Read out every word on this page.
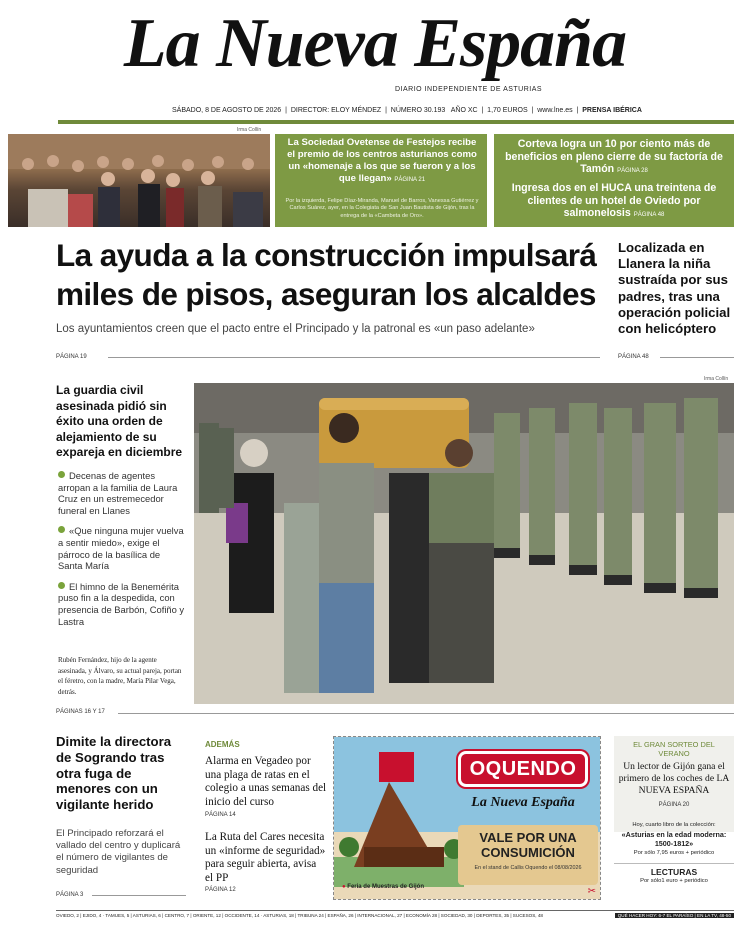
La Nueva España
DIARIO INDEPENDIENTE DE ASTURIAS
SÁBADO, 8 DE AGOSTO DE 2026  |  DIRECTOR: ELOY MÉNDEZ  |  NÚMERO 30.193 AÑO XC  |  1,70 EUROS  |  www.lne.es  |  PRENSA IBÉRICA
Irma Collín
La Sociedad Ovetense de Festejos recibe el premio de los centros asturianos como un «homenaje a los que se fueron y a los que llegan» PÁGINA 21
Por la izquierda, Felipe Díaz-Miranda, Manuel de Barros, Vanessa Gutiérrez y Carlos Suárez, ayer, en la Colegiata de San Juan Bautista de Gijón, tras la entrega de la «Cambeta de Oro».
Corteva logra un 10 por ciento más de beneficios en pleno cierre de su factoría de Tamón PÁGINA 28
Ingresa dos en el HUCA una treintena de clientes de un hotel de Oviedo por salmonelosis PÁGINA 48
La ayuda a la construcción impulsará miles de pisos, aseguran los alcaldes
Los ayuntamientos creen que el pacto entre el Principado y la patronal es «un paso adelante»
PÁGINA 19
Localizada en Llanera la niña sustraída por sus padres, tras una operación policial con helicóptero
PÁGINA 48
La guardia civil asesinada pidió sin éxito una orden de alejamiento de su expareja en diciembre
Decenas de agentes arropan a la familia de Laura Cruz en un estremecedor funeral en Llanes
«Que ninguna mujer vuelva a sentir miedo», exige el párroco de la basílica de Santa María
El himno de la Benemérita puso fin a la despedida, con presencia de Barbón, Cofiño y Lastra
Rubén Fernández, hijo de la agente asesinada, y Álvaro, su actual pareja, portan el féretro, con la madre, María Pilar Vega, detrás.
PÁGINAS 16 Y 17
Irma Collín
Dimite la directora de Sogrando tras otra fuga de menores con un vigilante herido
El Principado reforzará el vallado del centro y duplicará el número de vigilantes de seguridad
PÁGINA 3
ADEMÁS
Alarma en Vegadeo por una plaga de ratas en el colegio a unas semanas del inicio del curso
PÁGINA 14
La Ruta del Cares necesita un «informe de seguridad» para seguir abierta, avisa el PP
PÁGINA 12
OQUENDO
La Nueva España
VALE POR UNA CONSUMICIÓN
En el stand de Callis Oquendo el 08/08/2026
● Feria de Muestras de Gijón	✂
EL GRAN SORTEO DEL VERANO
Un lector de Gijón gana el primero de los coches de LA NUEVA ESPAÑA
PÁGINA 20
Hoy, cuarto libro de la colección:
«Asturias en la edad moderna: 1500-1812»
Por sólo 7,95 euros + periódico
LECTURAS
Por sólo1 euro + periódico
OVIEDO, 2 | EJIDO, 4 · TAMUES, 5 | ASTURIAS, 6 | CENTRO, 7 | ORIENTE, 12 | OCCIDENTE, 14 · ASTURIAS, 18 | TRIBUNA 24 | ESPAÑA, 26 | INTERNACIONAL, 27 | ECONOMÍA 28 | SOCIEDAD, 30 | DEPORTES, 35 | SUCESOS, 48	QUÉ HACER HOY: 6-7 EL PARAÍSO | EN LA TV, 48-50
